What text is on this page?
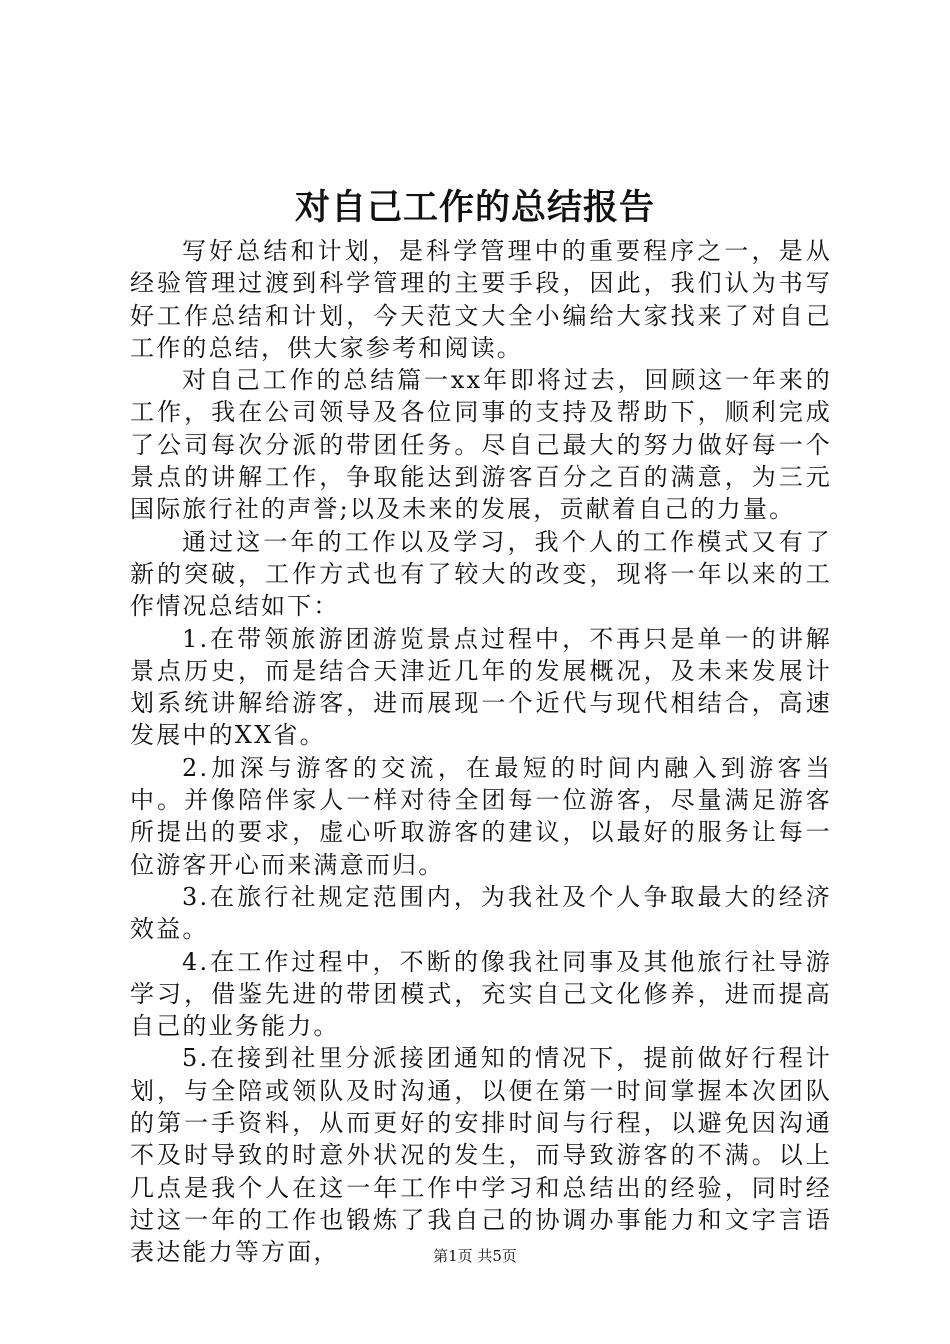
对自己工作的总结报告

写好总结和计划，是科学管理中的重要程序之一，是从经验管理过渡到科学管理的主要手段，因此，我们认为书写好工作总结和计划，今天范文大全小编给大家找来了对自己工作的总结，供大家参考和阅读。

对自己工作的总结篇一xx年即将过去，回顾这一年来的工作，我在公司领导及各位同事的支持及帮助下，顺利完成了公司每次分派的带团任务。尽自己最大的努力做好每一个景点的讲解工作，争取能达到游客百分之百的满意，为三元国际旅行社的声誉;以及未来的发展，贡献着自己的力量。

通过这一年的工作以及学习，我个人的工作模式又有了新的突破，工作方式也有了较大的改变，现将一年以来的工作情况总结如下：

1.在带领旅游团游览景点过程中，不再只是单一的讲解景点历史，而是结合天津近几年的发展概况，及未来发展计划系统讲解给游客，进而展现一个近代与现代相结合，高速发展中的XX省。

2.加深与游客的交流，在最短的时间内融入到游客当中。并像陪伴家人一样对待全团每一位游客，尽量满足游客所提出的要求，虚心听取游客的建议，以最好的服务让每一位游客开心而来满意而归。

3.在旅行社规定范围内，为我社及个人争取最大的经济效益。

4.在工作过程中，不断的像我社同事及其他旅行社导游学习，借鉴先进的带团模式，充实自己文化修养，进而提高自己的业务能力。

5.在接到社里分派接团通知的情况下，提前做好行程计划，与全陪或领队及时沟通，以便在第一时间掌握本次团队的第一手资料，从而更好的安排时间与行程，以避免因沟通不及时导致的时意外状况的发生，而导致游客的不满。以上几点是我个人在这一年工作中学习和总结出的经验，同时经过这一年的工作也锻炼了我自己的协调办事能力和文字言语表达能力等方面，	第1页 共5页
